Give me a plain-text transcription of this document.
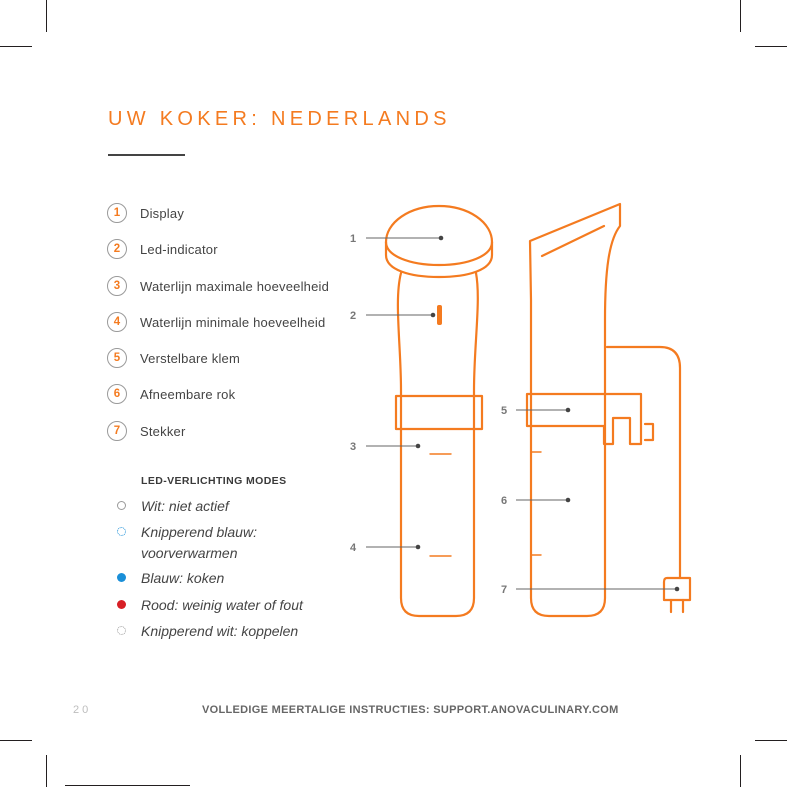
UW KOKER: NEDERLANDS
1	Display
2	Led-indicator
3	Waterlijn maximale hoeveelheid
4	Waterlijn minimale hoeveelheid
5	Verstelbare klem
6	Afneembare rok
7	Stekker
LED-VERLICHTING MODES
Wit: niet actief
Knipperend blauw: voorverwarmen
Blauw: koken
Rood: weinig water of fout
Knipperend wit: koppelen
1
2
3
4
5
6
7
20	VOLLEDIGE MEERTALIGE INSTRUCTIES: SUPPORT.ANOVACULINARY.COM
